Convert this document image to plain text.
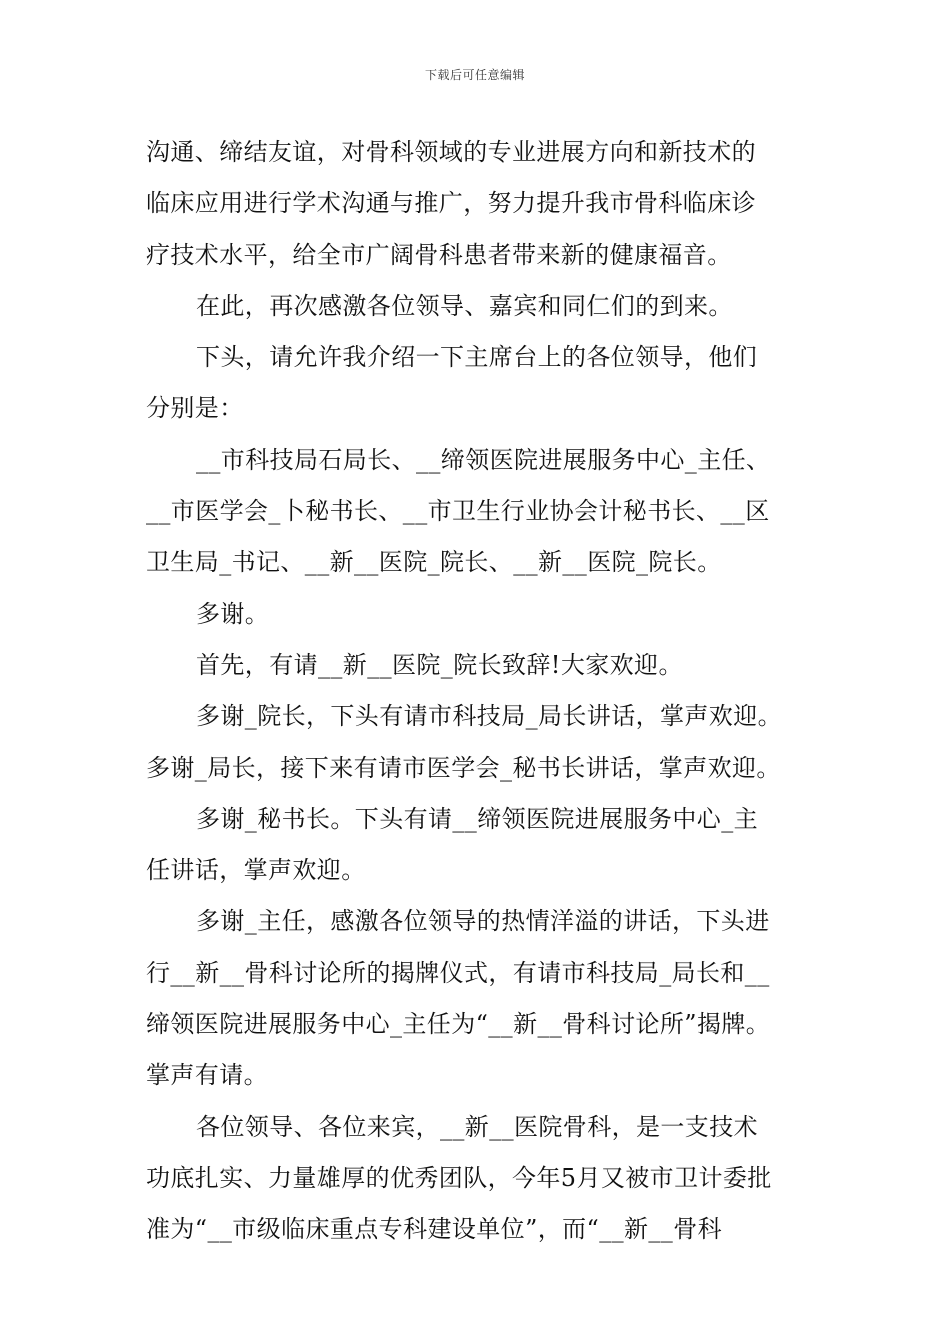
下载后可任意编辑
沟通、缔结友谊，对骨科领域的专业进展方向和新技术的
临床应用进行学术沟通与推广，努力提升我市骨科临床诊
疗技术水平，给全市广阔骨科患者带来新的健康福音。
在此，再次感激各位领导、嘉宾和同仁们的到来。
下头，请允许我介绍一下主席台上的各位领导，他们
分别是：
__市科技局石局长、__缔领医院进展服务中心_主任、
__市医学会_卜秘书长、__市卫生行业协会计秘书长、__区
卫生局_书记、__新__医院_院长、__新__医院_院长。
多谢。
首先，有请__新__医院_院长致辞!大家欢迎。
多谢_院长，下头有请市科技局_局长讲话，掌声欢迎。
多谢_局长，接下来有请市医学会_秘书长讲话，掌声欢迎。
多谢_秘书长。下头有请__缔领医院进展服务中心_主
任讲话，掌声欢迎。
多谢_主任，感激各位领导的热情洋溢的讲话，下头进
行__新__骨科讨论所的揭牌仪式，有请市科技局_局长和__
缔领医院进展服务中心_主任为“__新__骨科讨论所”揭牌。
掌声有请。
各位领导、各位来宾，__新__医院骨科，是一支技术
功底扎实、力量雄厚的优秀团队，今年5月又被市卫计委批
准为“__市级临床重点专科建设单位”，而“__新__骨科
